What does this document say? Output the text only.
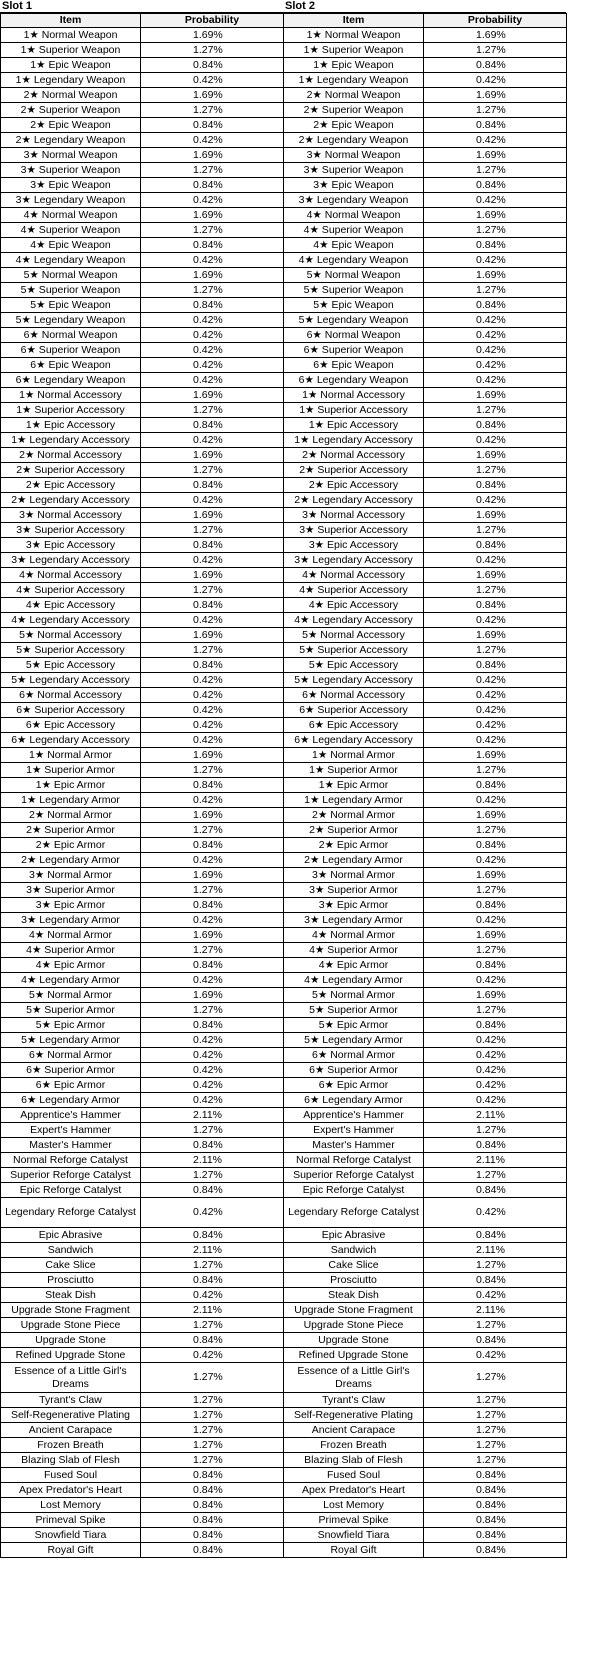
Slot 1
Item	Probability
1★ Normal Weapon	1.69%
1★ Superior Weapon	1.27%
1★ Epic Weapon	0.84%
1★ Legendary Weapon	0.42%
2★ Normal Weapon	1.69%
2★ Superior Weapon	1.27%
2★ Epic Weapon	0.84%
2★ Legendary Weapon	0.42%
3★ Normal Weapon	1.69%
3★ Superior Weapon	1.27%
3★ Epic Weapon	0.84%
3★ Legendary Weapon	0.42%
4★ Normal Weapon	1.69%
4★ Superior Weapon	1.27%
4★ Epic Weapon	0.84%
4★ Legendary Weapon	0.42%
5★ Normal Weapon	1.69%
5★ Superior Weapon	1.27%
5★ Epic Weapon	0.84%
5★ Legendary Weapon	0.42%
6★ Normal Weapon	0.42%
6★ Superior Weapon	0.42%
6★ Epic Weapon	0.42%
6★ Legendary Weapon	0.42%
1★ Normal Accessory	1.69%
1★ Superior Accessory	1.27%
1★ Epic Accessory	0.84%
1★ Legendary Accessory	0.42%
2★ Normal Accessory	1.69%
2★ Superior Accessory	1.27%
2★ Epic Accessory	0.84%
2★ Legendary Accessory	0.42%
3★ Normal Accessory	1.69%
3★ Superior Accessory	1.27%
3★ Epic Accessory	0.84%
3★ Legendary Accessory	0.42%
4★ Normal Accessory	1.69%
4★ Superior Accessory	1.27%
4★ Epic Accessory	0.84%
4★ Legendary Accessory	0.42%
5★ Normal Accessory	1.69%
5★ Superior Accessory	1.27%
5★ Epic Accessory	0.84%
5★ Legendary Accessory	0.42%
6★ Normal Accessory	0.42%
6★ Superior Accessory	0.42%
6★ Epic Accessory	0.42%
6★ Legendary Accessory	0.42%
1★ Normal Armor	1.69%
1★ Superior Armor	1.27%
1★ Epic Armor	0.84%
1★ Legendary Armor	0.42%
2★ Normal Armor	1.69%
2★ Superior Armor	1.27%
2★ Epic Armor	0.84%
2★ Legendary Armor	0.42%
3★ Normal Armor	1.69%
3★ Superior Armor	1.27%
3★ Epic Armor	0.84%
3★ Legendary Armor	0.42%
4★ Normal Armor	1.69%
4★ Superior Armor	1.27%
4★ Epic Armor	0.84%
4★ Legendary Armor	0.42%
5★ Normal Armor	1.69%
5★ Superior Armor	1.27%
5★ Epic Armor	0.84%
5★ Legendary Armor	0.42%
6★ Normal Armor	0.42%
6★ Superior Armor	0.42%
6★ Epic Armor	0.42%
6★ Legendary Armor	0.42%
Apprentice's Hammer	2.11%
Expert's Hammer	1.27%
Master's Hammer	0.84%
Normal Reforge Catalyst	2.11%
Superior Reforge Catalyst	1.27%
Epic Reforge Catalyst	0.84%
Legendary Reforge Catalyst	0.42%
Epic Abrasive	0.84%
Sandwich	2.11%
Cake Slice	1.27%
Prosciutto	0.84%
Steak Dish	0.42%
Upgrade Stone Fragment	2.11%
Upgrade Stone Piece	1.27%
Upgrade Stone	0.84%
Refined Upgrade Stone	0.42%
Essence of a Little Girl's Dreams	1.27%
Tyrant's Claw	1.27%
Self-Regenerative Plating	1.27%
Ancient Carapace	1.27%
Frozen Breath	1.27%
Blazing Slab of Flesh	1.27%
Fused Soul	0.84%
Apex Predator's Heart	0.84%
Lost Memory	0.84%
Primeval Spike	0.84%
Snowfield Tiara	0.84%
Royal Gift	0.84%
Slot 2
Item	Probability
1★ Normal Weapon	1.69%
1★ Superior Weapon	1.27%
1★ Epic Weapon	0.84%
1★ Legendary Weapon	0.42%
2★ Normal Weapon	1.69%
2★ Superior Weapon	1.27%
2★ Epic Weapon	0.84%
2★ Legendary Weapon	0.42%
3★ Normal Weapon	1.69%
3★ Superior Weapon	1.27%
3★ Epic Weapon	0.84%
3★ Legendary Weapon	0.42%
4★ Normal Weapon	1.69%
4★ Superior Weapon	1.27%
4★ Epic Weapon	0.84%
4★ Legendary Weapon	0.42%
5★ Normal Weapon	1.69%
5★ Superior Weapon	1.27%
5★ Epic Weapon	0.84%
5★ Legendary Weapon	0.42%
6★ Normal Weapon	0.42%
6★ Superior Weapon	0.42%
6★ Epic Weapon	0.42%
6★ Legendary Weapon	0.42%
1★ Normal Accessory	1.69%
1★ Superior Accessory	1.27%
1★ Epic Accessory	0.84%
1★ Legendary Accessory	0.42%
2★ Normal Accessory	1.69%
2★ Superior Accessory	1.27%
2★ Epic Accessory	0.84%
2★ Legendary Accessory	0.42%
3★ Normal Accessory	1.69%
3★ Superior Accessory	1.27%
3★ Epic Accessory	0.84%
3★ Legendary Accessory	0.42%
4★ Normal Accessory	1.69%
4★ Superior Accessory	1.27%
4★ Epic Accessory	0.84%
4★ Legendary Accessory	0.42%
5★ Normal Accessory	1.69%
5★ Superior Accessory	1.27%
5★ Epic Accessory	0.84%
5★ Legendary Accessory	0.42%
6★ Normal Accessory	0.42%
6★ Superior Accessory	0.42%
6★ Epic Accessory	0.42%
6★ Legendary Accessory	0.42%
1★ Normal Armor	1.69%
1★ Superior Armor	1.27%
1★ Epic Armor	0.84%
1★ Legendary Armor	0.42%
2★ Normal Armor	1.69%
2★ Superior Armor	1.27%
2★ Epic Armor	0.84%
2★ Legendary Armor	0.42%
3★ Normal Armor	1.69%
3★ Superior Armor	1.27%
3★ Epic Armor	0.84%
3★ Legendary Armor	0.42%
4★ Normal Armor	1.69%
4★ Superior Armor	1.27%
4★ Epic Armor	0.84%
4★ Legendary Armor	0.42%
5★ Normal Armor	1.69%
5★ Superior Armor	1.27%
5★ Epic Armor	0.84%
5★ Legendary Armor	0.42%
6★ Normal Armor	0.42%
6★ Superior Armor	0.42%
6★ Epic Armor	0.42%
6★ Legendary Armor	0.42%
Apprentice's Hammer	2.11%
Expert's Hammer	1.27%
Master's Hammer	0.84%
Normal Reforge Catalyst	2.11%
Superior Reforge Catalyst	1.27%
Epic Reforge Catalyst	0.84%
Legendary Reforge Catalyst	0.42%
Epic Abrasive	0.84%
Sandwich	2.11%
Cake Slice	1.27%
Prosciutto	0.84%
Steak Dish	0.42%
Upgrade Stone Fragment	2.11%
Upgrade Stone Piece	1.27%
Upgrade Stone	0.84%
Refined Upgrade Stone	0.42%
Essence of a Little Girl's Dreams	1.27%
Tyrant's Claw	1.27%
Self-Regenerative Plating	1.27%
Ancient Carapace	1.27%
Frozen Breath	1.27%
Blazing Slab of Flesh	1.27%
Fused Soul	0.84%
Apex Predator's Heart	0.84%
Lost Memory	0.84%
Primeval Spike	0.84%
Snowfield Tiara	0.84%
Royal Gift	0.84%
